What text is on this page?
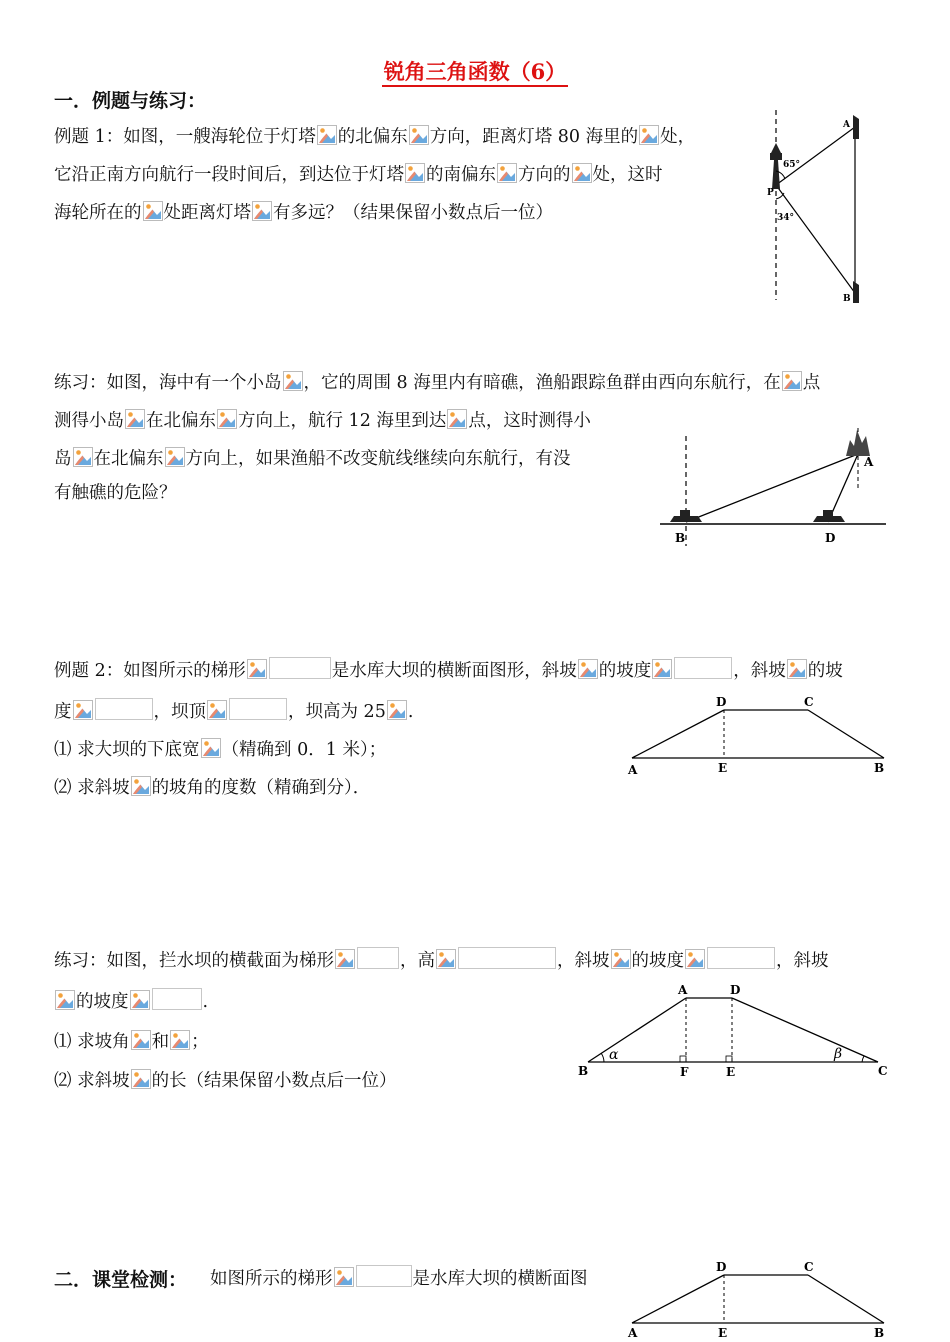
锐角三角函数（6）
一．例题与练习：
例题 1：如图，一艘海轮位于灯塔 的北偏东 方向，距离灯塔 80 海里的 处，
它沿正南方向航行一段时间后，到达位于灯塔 的南偏东 方向的 处，这时
海轮所在的 处距离灯塔 有多远？（结果保留小数点后一位）
练习：如图，海中有一个小岛 ，它的周围 8 海里内有暗礁，渔船跟踪鱼群由西向东航行，在 点
测得小岛 在北偏东 方向上，航行 12 海里到达 点，这时测得小
岛 在北偏东 方向上，如果渔船不改变航线继续向东航行，有没
有触礁的危险？
例题 2：如图所示的梯形	是水库大坝的横断面图形，斜坡 的坡度	，斜坡 的坡
度	，坝顶	，坝高为 25 .
⑴ 求大坝的下底宽 （精确到 0．1 米）；
⑵ 求斜坡 的坡角的度数（精确到分）．
练习：如图，拦水坝的横截面为梯形	，高	，斜坡 的坡度	，斜坡
的坡度	.
⑴ 求坡角 和 ；
⑵ 求斜坡 的长（结果保留小数点后一位）
二．课堂检测： 如图所示的梯形	是水库大坝的横断面图
65°
34°
A
B
P
A
B	D
D	C
A	E	B
α	β
A	D
B	F	E	C
D	C
A	E	B
